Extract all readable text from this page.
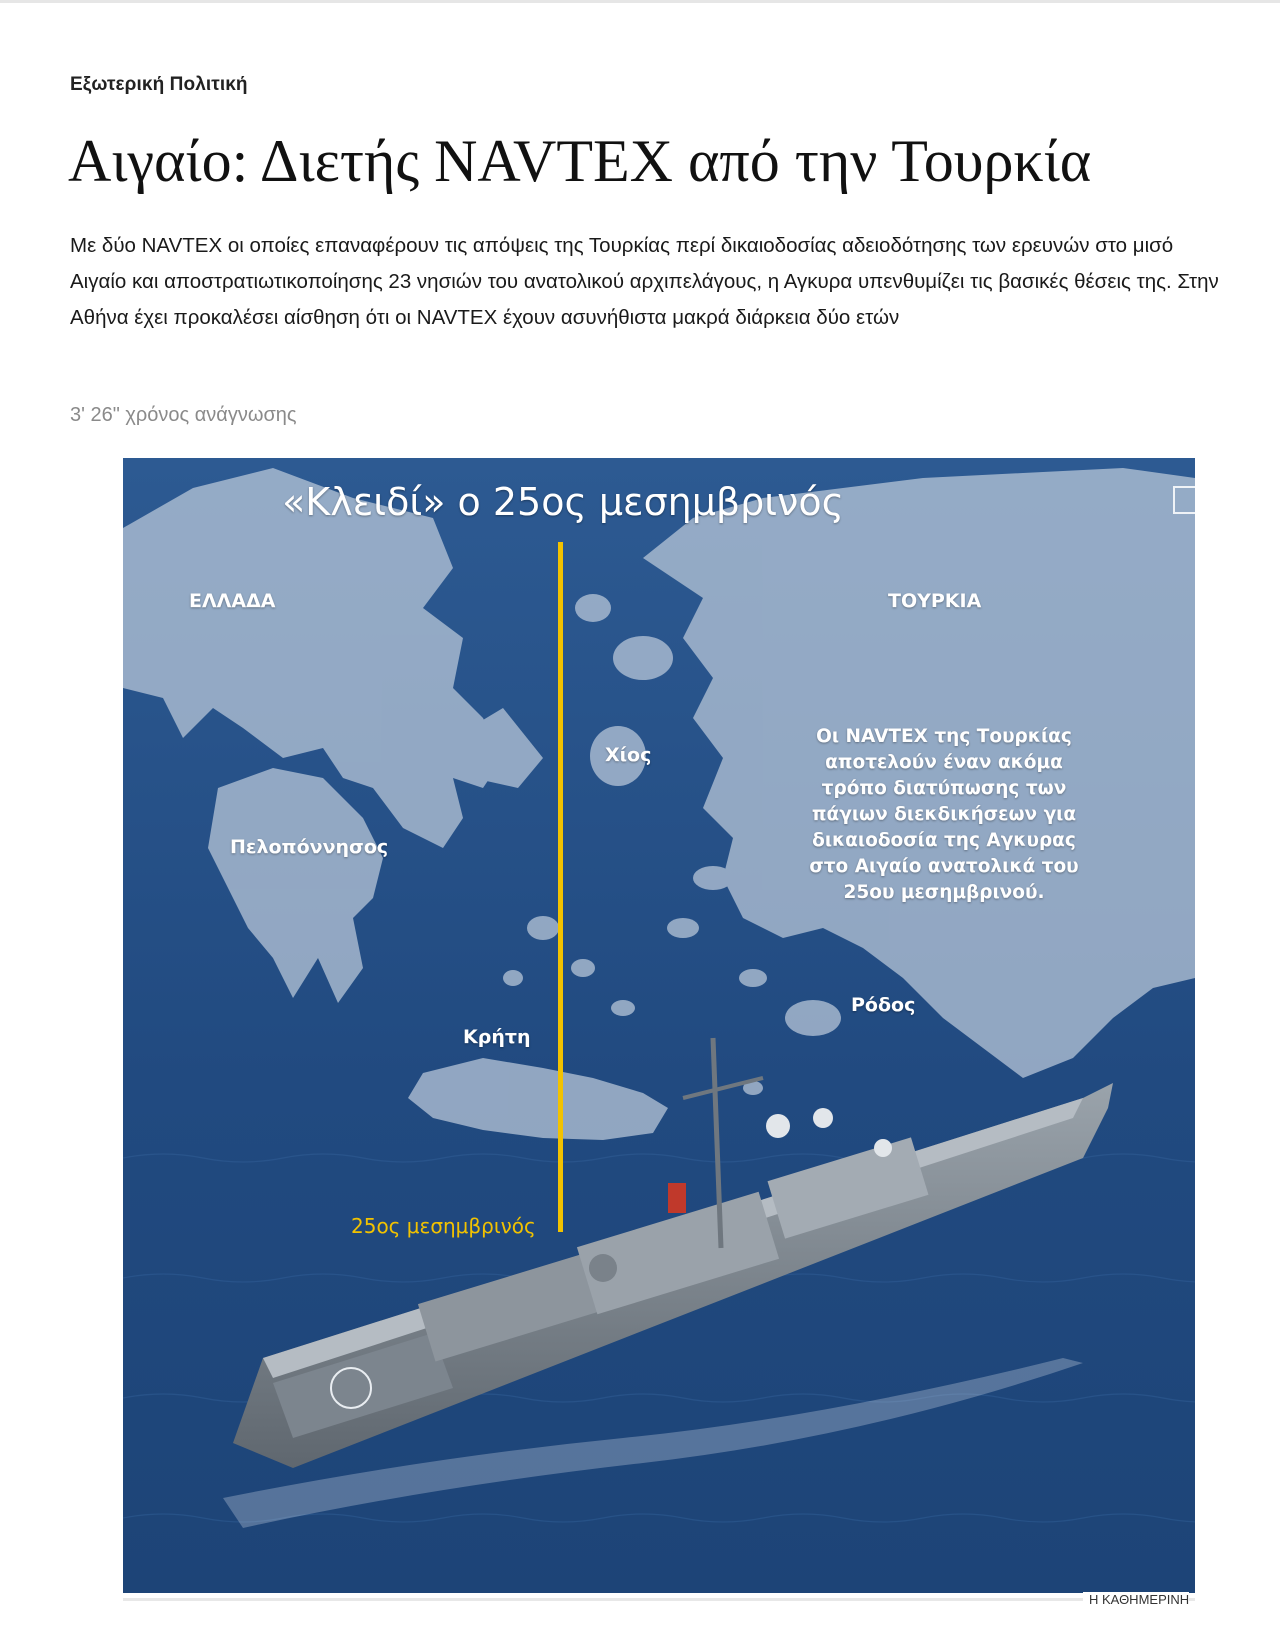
Εξωτερική Πολιτική
Αιγαίο: Διετής NAVTEX από την Τουρκία

Με δύο NAVTEX οι οποίες επαναφέρουν τις απόψεις της Τουρκίας περί δικαιοδοσίας αδειοδότησης των ερευνών στο μισό Αιγαίο και αποστρατιωτικοποίησης 23 νησιών του ανατολικού αρχιπελάγους, η Αγκυρα υπενθυμίζει τις βασικές θέσεις της. Στην Αθήνα έχει προκαλέσει αίσθηση ότι οι NAVTEX έχουν ασυνήθιστα μακρά διάρκεια δύο ετών

3' 26" χρόνος ανάγνωσης
«Κλειδί» ο 25ος μεσημβρινός
ΕΛΛΑΔΑ	ΤΟΥΡΚΙΑ
Χίος
Πελοπόννησος
Κρήτη
Ρόδος
Οι NAVTEX της Τουρκίας αποτελούν έναν ακόμα τρόπο διατύπωσης των πάγιων διεκδικήσεων για δικαιοδοσία της Αγκυρας στο Αιγαίο ανατολικά του 25ου μεσημβρινού.
25ος μεσημβρινός
Η ΚΑΘΗΜΕΡΙΝΗ
